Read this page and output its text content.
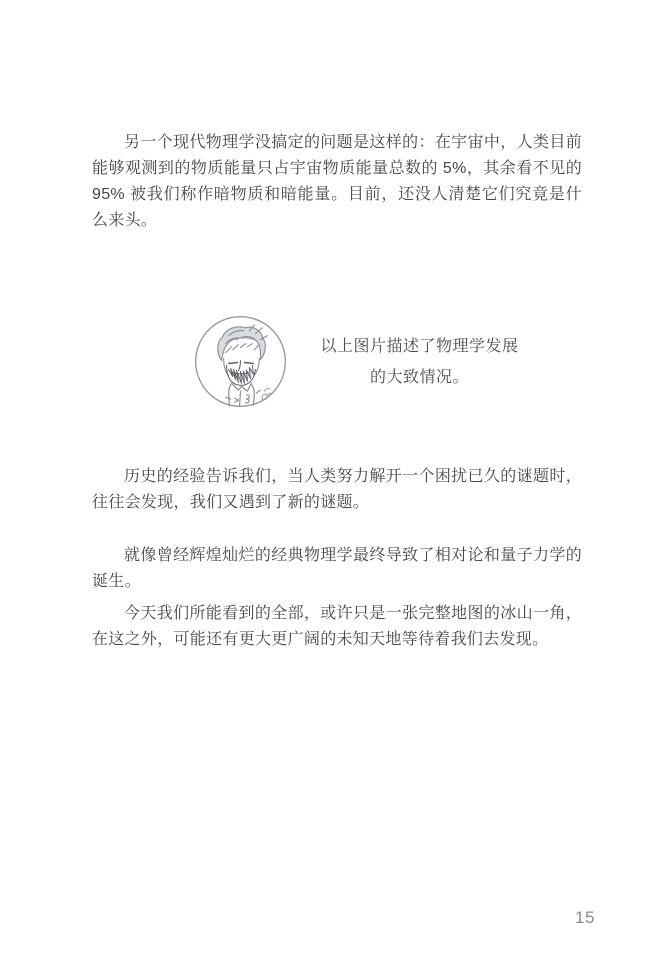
另一个现代物理学没搞定的问题是这样的：在宇宙中，人类目前能够观测到的物质能量只占宇宙物质能量总数的 5%，其余看不见的 95% 被我们称作暗物质和暗能量。目前，还没人清楚它们究竟是什么来头。

以上图片描述了物理学发展
的大致情况。

历史的经验告诉我们，当人类努力解开一个困扰已久的谜题时，往往会发现，我们又遇到了新的谜题。

就像曾经辉煌灿烂的经典物理学最终导致了相对论和量子力学的诞生。

今天我们所能看到的全部，或许只是一张完整地图的冰山一角，在这之外，可能还有更大更广阔的未知天地等待着我们去发现。

15
